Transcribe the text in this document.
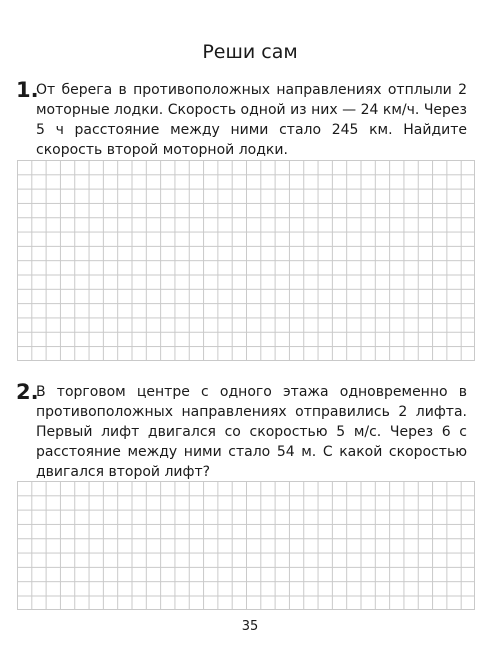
Реши сам
1.
От берега в противоположных направлениях отплыли 2 моторные лодки. Скорость одной из них — 24 км/ч. Через 5 ч расстояние между ними стало 245 км. Найдите скорость второй моторной лодки.
2.
В торговом центре с одного этажа одновременно в противоположных направлениях отправились 2 лифта. Первый лифт двигался со скоростью 5 м/с. Через 6 с расстояние между ними стало 54 м. С какой скоростью двигался второй лифт?
35
